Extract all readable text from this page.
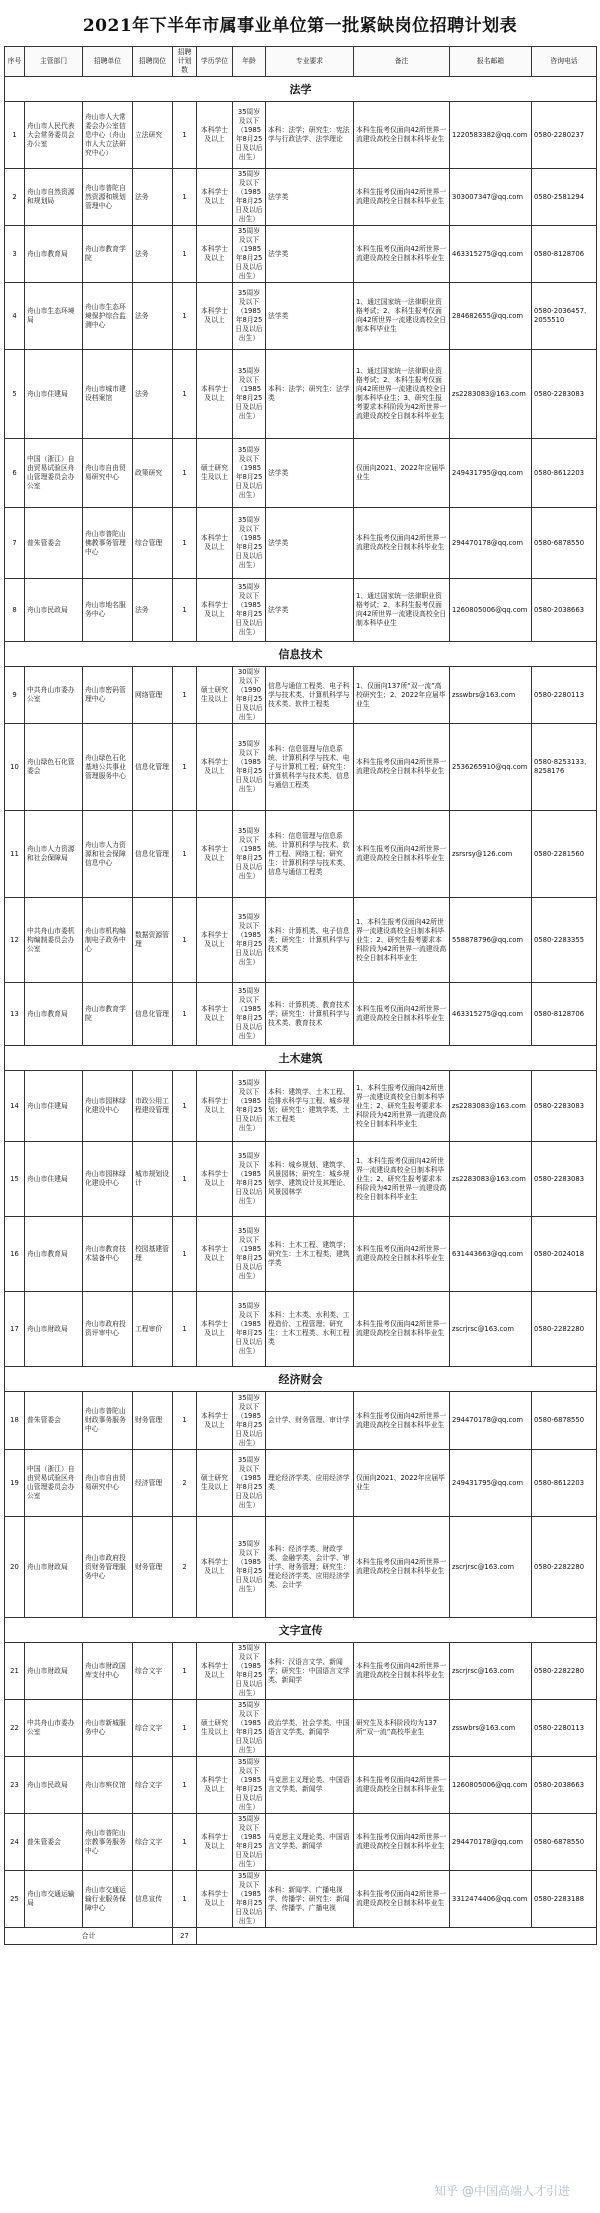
2021年下半年市属事业单位第一批紧缺岗位招聘计划表
序号	主管部门	招聘单位	招聘岗位	招聘计划数	学历学位	年龄	专业要求	备注	报名邮箱	咨询电话
法学										
1	舟山市人民代表大会常务委员会办公室	舟山市人大常委会办公室信息中心（舟山市人大立法研究中心）	立法研究	1	本科学士及以上	35周岁及以下（1985年8月25日及以后出生）	本科：法学；研究生：宪法学与行政法学、法学理论	本科生报考仅面向42所世界一流建设高校全日制本科毕业生	1220583382@qq.com	0580-2280237
2	舟山市自然资源和规划局	舟山市普陀自然资源和规划管理中心	法务	1	本科学士及以上	35周岁及以下（1985年8月25日及以后出生）	法学类	本科生报考仅面向42所世界一流建设高校全日制本科毕业生	303007347@qq.com	0580-2581294
3	舟山市教育局	舟山市教育学院	法务	1	本科学士及以上	35周岁及以下（1985年8月25日及以后出生）	法学类	本科生报考仅面向42所世界一流建设高校全日制本科毕业生	463315275@qq.com	0580-8128706
4	舟山市生态环境局	舟山市生态环境保护综合监测中心	法务	1	本科学士及以上	35周岁及以下（1985年8月25日及以后出生）	法学类	1、通过国家统一法律职业资格考试；2、本科生报考仅面向42所世界一流建设高校全日制本科毕业生	284682655@qq.com	0580-2036457、2055510
5	舟山市住建局	舟山市城市建设档案馆	法务	1	本科学士及以上	35周岁及以下（1985年8月25日及以后出生）	本科：法学；研究生：法学类	1、通过国家统一法律职业资格考试；2、本科生报考仅面向42所世界一流建设高校全日制本科毕业生；3、研究生报考要求本科阶段为42所世界一流建设高校全日制本科毕业生	zs2283083@163.com	0580-2283083
6	中国（浙江）自由贸易试验区舟山管理委员会办公室	舟山市自由贸易研究中心	政策研究	1	硕士研究生及以上	35周岁及以下（1985年8月25日及以后出生）	法学类	仅面向2021、2022年应届毕业生	249431795@qq.com	0580-8612203
7	普朱管委会	舟山市普陀山佛教事务管理中心	综合管理	1	本科学士及以上	35周岁及以下（1985年8月25日及以后出生）	法学类	本科生报考仅面向42所世界一流建设高校全日制本科毕业生	294470178@qq.com	0580-6878550
8	舟山市民政局	舟山市地名服务中心	法务	1	本科学士及以上	35周岁及以下（1985年8月25日及以后出生）	法学类	1、通过国家统一法律职业资格考试；2、本科生报考仅面向42所世界一流建设高校全日制本科毕业生	1260805006@qq.com	0580-2038663
信息技术										
9	中共舟山市委办公室	舟山市密码管理中心	网络管理	1	硕士研究生及以上	30周岁及以下（1990年8月25日及以后出生）	信息与通信工程类、电子科学与技术类、计算机科学与技术类、软件工程类	1、仅面向137所“双一流”高校研究生；2、2022年应届毕业生	zsswbrs@163.com	0580-2280113
10	舟山绿色石化管委会	舟山绿色石化基地公共事业管理服务中心	信息化管理	1	本科学士及以上	35周岁及以下（1985年8月25日及以后出生）	本科：信息管理与信息系统、计算机科学与技术、电子与计算机工程；研究生：计算机科学与技术类、信息与通信工程类	本科生报考仅面向42所世界一流建设高校全日制本科毕业生	2536265910@qq.com	0580-8253133、8258176
11	舟山市人力资源和社会保障局	舟山市人力资源和社会保障信息中心	信息化管理	1	本科学士及以上	35周岁及以下（1985年8月25日及以后出生）	本科：信息管理与信息系统、计算机科学与技术、软件工程、网络工程；研究生：计算机科学与技术类、信息与通信工程类	本科生报考仅面向42所世界一流建设高校全日制本科毕业生	zsrsrsy@126.com	0580-2281560
12	中共舟山市委机构编制委员会办公室	舟山市机构编制电子政务中心	数据资源管理	1	本科学士及以上	35周岁及以下（1985年8月25日及以后出生）	本科：计算机类、电子信息类；研究生：计算机科学与技术类	1、本科生报考仅面向42所世界一流建设高校全日制本科毕业生；2、研究生报考要求本科阶段为42所世界一流建设高校全日制本科毕业生	558878796@qq.com	0580-2283355
13	舟山市教育局	舟山市教育学院	信息化管理	1	本科学士及以上	35周岁及以下（1985年8月25日及以后出生）	本科：计算机类、教育技术学；研究生：计算机科学与技术类、教育技术	本科生报考仅面向42所世界一流建设高校全日制本科毕业生	463315275@qq.com	0580-8128706
土木建筑										
14	舟山市住建局	舟山市园林绿化建设中心	市政公用工程建设管理	1	本科学士及以上	35周岁及以下（1985年8月25日及以后出生）	本科：建筑学、土木工程、给排水科学与工程、城乡规划；研究生：建筑学类、土木工程类	1、本科生报考仅面向42所世界一流建设高校全日制本科毕业生；2、研究生报考要求本科阶段为42所世界一流建设高校全日制本科毕业生	zs2283083@163.com	0580-2283083
15	舟山市住建局	舟山市园林绿化建设中心	城市规划设计	1	本科学士及以上	35周岁及以下（1985年8月25日及以后出生）	本科：城乡规划、建筑学、风景园林；研究生：城乡规划学、建筑设计及其理论、风景园林学	1、本科生报考仅面向42所世界一流建设高校全日制本科毕业生；2、研究生报考要求本科阶段为42所世界一流建设高校全日制本科毕业生	zs2283083@163.com	0580-2283083
16	舟山市教育局	舟山市教育技术装备中心	校园基建管理	1	本科学士及以上	35周岁及以下（1985年8月25日及以后出生）	本科：土木工程、建筑学；研究生：土木工程类、建筑学类	本科生报考仅面向42所世界一流建设高校全日制本科毕业生	631443663@qq.com	0580-2024018
17	舟山市财政局	舟山市政府投资评审中心	工程审价	1	本科学士及以上	35周岁及以下（1985年8月25日及以后出生）	本科：土木类、水利类、工程造价、工程管理；研究生：土木工程类、水利工程类	本科生报考仅面向42所世界一流建设高校全日制本科毕业生	zscrjrsc@163.com	0580-2282280
经济财会										
18	普朱管委会	舟山市普陀山财政事务服务中心	财务管理	1	本科学士及以上	35周岁及以下（1985年8月25日及以后出生）	会计学、财务管理、审计学	本科生报考仅面向42所世界一流建设高校全日制本科毕业生	294470178@qq.com	0580-6878550
19	中国（浙江）自由贸易试验区舟山管理委员会办公室	舟山市自由贸易研究中心	经济管理	2	硕士研究生及以上	35周岁及以下（1985年8月25日及以后出生）	理论经济学类、应用经济学类	仅面向2021、2022年应届毕业生	249431795@qq.com	0580-8612203
20	舟山市财政局	舟山市政府投资财务管理服务中心	财务管理	2	本科学士及以上	35周岁及以下（1985年8月25日及以后出生）	本科：经济学类、财政学类、金融学类、会计学、审计学、财务管理；研究生：理论经济学类、应用经济学类、会计学	本科生报考仅面向42所世界一流建设高校全日制本科毕业生	zscrjrsc@163.com	0580-2282280
文字宣传										
21	舟山市财政局	舟山市财政国库支付中心	综合文字	1	本科学士及以上	35周岁及以下（1985年8月25日及以后出生）	本科：汉语言文学、新闻学；研究生：中国语言文学类、新闻学	本科生报考仅面向42所世界一流建设高校全日制本科毕业生	zscrjrsc@163.com	0580-2282280
22	中共舟山市委办公室	舟山市新城服务中心	综合文字	1	硕士研究生及以上	35周岁及以下（1985年8月25日及以后出生）	政治学类、社会学类、中国语言文学类、新闻学	研究生及本科阶段均为137所“双一流”高校毕业生	zsswbrs@163.com	0580-2280113
23	舟山市民政局	舟山市殡仪馆	综合文字	1	本科学士及以上	35周岁及以下（1985年8月25日及以后出生）	马克思主义理论类、中国语言文学类、新闻学	本科生报考仅面向42所世界一流建设高校全日制本科毕业生	1260805006@qq.com	0580-2038663
24	普朱管委会	舟山市普陀山宗教事务服务中心	综合文字	1	本科学士及以上	35周岁及以下（1985年8月25日及以后出生）	马克思主义理论类、中国语言文学类、新闻学	本科生报考仅面向42所世界一流建设高校全日制本科毕业生	294470178@qq.com	0580-6878550
25	舟山市交通运输局	舟山市交通运输行业服务保障中心	信息宣传	1	本科学士及以上	35周岁及以下（1985年8月25日及以后出生）	本科：新闻学、广播电视学、传播学；研究生：新闻学、传播学、广播电视	本科生报考仅面向42所世界一流建设高校全日制本科毕业生	3312474406@qq.com	0580-2283188
合计				27						
知乎 @中国高端人才引进
